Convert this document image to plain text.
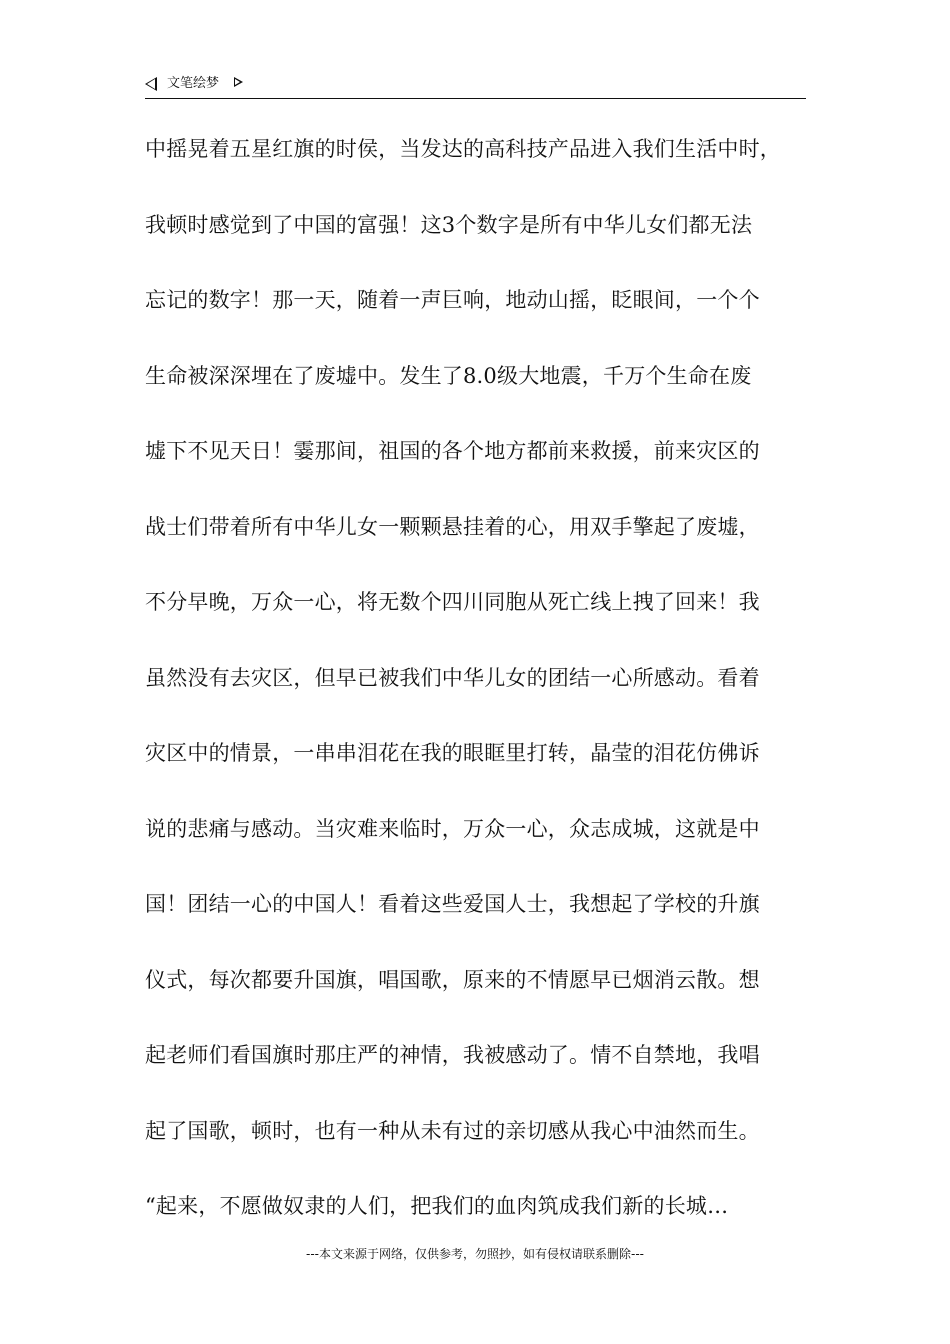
文笔绘梦
中摇晃着五星红旗的时侯，当发达的高科技产品进入我们生活中时，
我顿时感觉到了中国的富强！这3个数字是所有中华儿女们都无法
忘记的数字！那一天，随着一声巨响，地动山摇，眨眼间，一个个
生命被深深埋在了废墟中。发生了8.0级大地震，千万个生命在废
墟下不见天日！霎那间，祖国的各个地方都前来救援，前来灾区的
战士们带着所有中华儿女一颗颗悬挂着的心，用双手擎起了废墟，
不分早晚，万众一心，将无数个四川同胞从死亡线上拽了回来！我
虽然没有去灾区，但早已被我们中华儿女的团结一心所感动。看着
灾区中的情景，一串串泪花在我的眼眶里打转，晶莹的泪花仿佛诉
说的悲痛与感动。当灾难来临时，万众一心，众志成城，这就是中
国！团结一心的中国人！看着这些爱国人士，我想起了学校的升旗
仪式，每次都要升国旗，唱国歌，原来的不情愿早已烟消云散。想
起老师们看国旗时那庄严的神情，我被感动了。情不自禁地，我唱
起了国歌，顿时，也有一种从未有过的亲切感从我心中油然而生。
“起来，不愿做奴隶的人们，把我们的血肉筑成我们新的长城…
---本文来源于网络，仅供参考，勿照抄，如有侵权请联系删除---
